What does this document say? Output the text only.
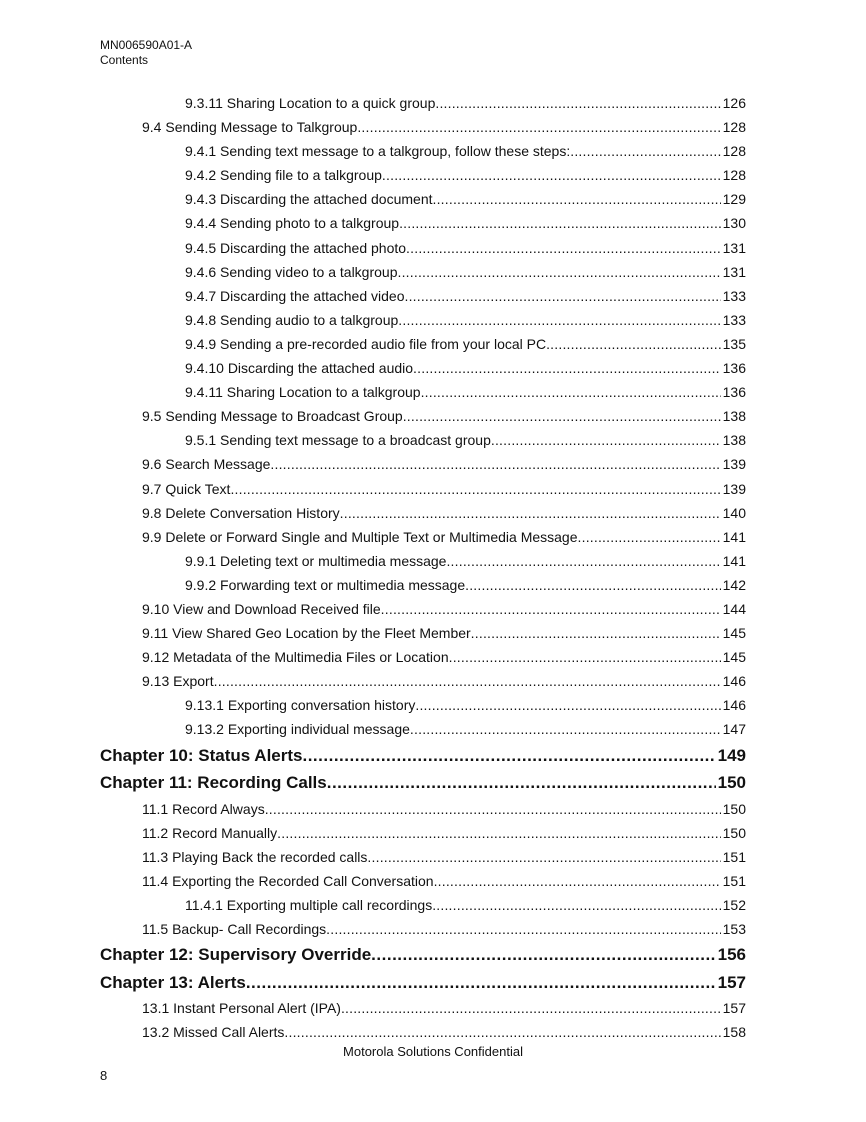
MN006590A01-A
Contents
9.3.11 Sharing Location to a quick group .....	126
9.4 Sending Message to Talkgroup .....	128
9.4.1 Sending text message to a talkgroup, follow these steps: .....	128
9.4.2 Sending file to a talkgroup .....	128
9.4.3 Discarding the attached document .....	129
9.4.4 Sending photo to a talkgroup .....	130
9.4.5 Discarding the attached photo .....	131
9.4.6 Sending video to a talkgroup .....	131
9.4.7 Discarding the attached video .....	133
9.4.8 Sending audio to a talkgroup .....	133
9.4.9 Sending a pre-recorded audio file from your local PC .....	135
9.4.10 Discarding the attached audio .....	136
9.4.11 Sharing Location to a talkgroup .....	136
9.5 Sending Message to Broadcast Group .....	138
9.5.1 Sending text message to a broadcast group .....	138
9.6 Search Message .....	139
9.7 Quick Text .....	139
9.8 Delete Conversation History .....	140
9.9 Delete or Forward Single and Multiple Text or Multimedia Message .....	141
9.9.1 Deleting text or multimedia message .....	141
9.9.2 Forwarding text or multimedia message .....	142
9.10 View and Download Received file .....	144
9.11 View Shared Geo Location by the Fleet Member .....	145
9.12 Metadata of the Multimedia Files or Location .....	145
9.13 Export .....	146
9.13.1 Exporting conversation history .....	146
9.13.2 Exporting individual message .....	147
Chapter 10: Status Alerts .....	149
Chapter 11: Recording Calls .....	150
11.1 Record Always .....	150
11.2 Record Manually .....	150
11.3 Playing Back the recorded calls .....	151
11.4 Exporting the Recorded Call Conversation .....	151
11.4.1 Exporting multiple call recordings .....	152
11.5 Backup- Call Recordings .....	153
Chapter 12: Supervisory Override .....	156
Chapter 13: Alerts .....	157
13.1 Instant Personal Alert (IPA) .....	157
13.2 Missed Call Alerts .....	158
Motorola Solutions Confidential
8
